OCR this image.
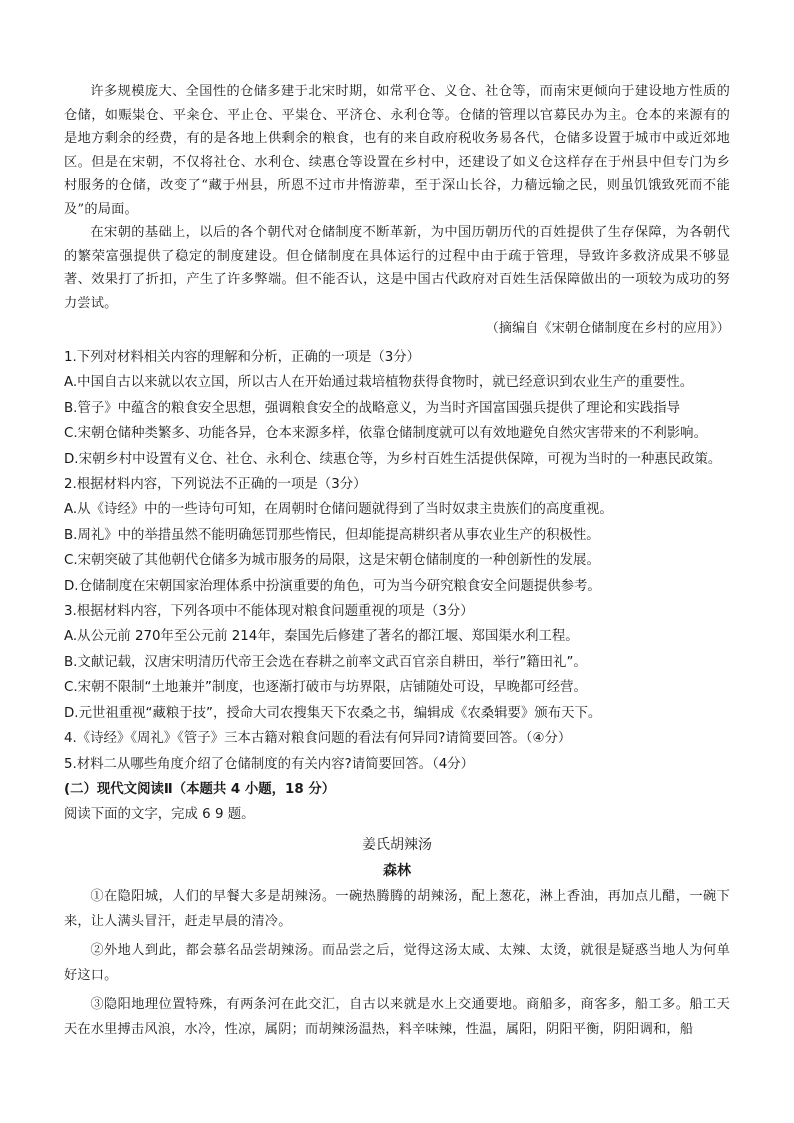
许多规模庞大、全国性的仓储多建于北宋时期，如常平仓、义仓、社仓等，而南宋更倾向于建设地方性质的仓储，如赈粜仓、平籴仓、平止仓、平粜仓、平济仓、永利仓等。仓储的管理以官募民办为主。仓本的来源有的是地方剩余的经费，有的是各地上供剩余的粮食，也有的来自政府税收务易各代，仓储多设置于城市中或近郊地区。但是在宋朝，不仅将社仓、水利仓、续惠仓等设置在乡村中，还建设了如义仓这样存在于州县中但专门为乡村服务的仓储，改变了“藏于州县，所恩不过市井惰游辈，至于深山长谷，力穑远输之民，则虽饥饿致死而不能及”的局面。

在宋朝的基础上，以后的各个朝代对仓储制度不断革新，为中国历朝历代的百姓提供了生存保障，为各朝代的繁荣富强提供了稳定的制度建设。但仓储制度在具体运行的过程中由于疏于管理，导致许多救济成果不够显著、效果打了折扣，产生了许多弊端。但不能否认，这是中国古代政府对百姓生活保障做出的一项较为成功的努力尝试。

（摘编自《宋朝仓储制度在乡村的应用》）
1.下列对材料相关内容的理解和分析，正确的一项是（3分）
A.中国自古以来就以农立国，所以古人在开始通过栽培植物获得食物时，就已经意识到农业生产的重要性。
B.管子》中蕴含的粮食安全思想，强调粮食安全的战略意义，为当时齐国富国强兵提供了理论和实践指导
C.宋朝仓储种类繁多、功能各异，仓本来源多样，依靠仓储制度就可以有效地避免自然灾害带来的不利影响。
D.宋朝乡村中设置有义仓、社仓、永利仓、续惠仓等，为乡村百姓生活提供保障，可视为当时的一种惠民政策。
2.根据材料内容，下列说法不正确的一项是（3分）
A.从《诗经》中的一些诗句可知，在周朝时仓储问题就得到了当时奴隶主贵族们的高度重视。
B.周礼》中的举措虽然不能明确惩罚那些惰民，但却能提高耕织者从事农业生产的积极性。
C.宋朝突破了其他朝代仓储多为城市服务的局限，这是宋朝仓储制度的一种创新性的发展。
D.仓储制度在宋朝国家治理体系中扮演重要的角色，可为当今研究粮食安全问题提供参考。
3.根据材料内容，下列各项中不能体现对粮食问题重视的项是（3分）
A.从公元前 270年至公元前 214年，秦国先后修建了著名的都江堰、郑国渠水利工程。
B.文献记载，汉唐宋明清历代帝王会选在春耕之前率文武百官亲自耕田，举行”籍田礼”。
C.宋朝不限制“土地兼并”制度，也逐渐打破市与坊界限，店铺随处可设，早晚都可经营。
D.元世祖重视“藏粮于技”，授命大司农搜集天下农桑之书，编辑成《农桑辑要》颁布天下。
4.《诗经》《周礼》《管子》三本古籍对粮食问题的看法有何异同?请简要回答。（④分）
5.材料二从哪些角度介绍了仓储制度的有关内容?请简要回答。（4分）
(二）现代文阅读Ⅱ（本题共 4 小题，18 分）
阅读下面的文字，完成 6 9 题。
姜氏胡辣汤
森林

①在隐阳城，人们的早餐大多是胡辣汤。一碗热腾腾的胡辣汤，配上葱花，淋上香油，再加点儿醋，一碗下来，让人满头冒汗，赶走早晨的清冷。

②外地人到此，都会慕名品尝胡辣汤。而品尝之后，觉得这汤太咸、太辣、太烫，就很是疑惑当地人为何单好这口。

③隐阳地理位置特殊，有两条河在此交汇，自古以来就是水上交通要地。商船多，商客多，船工多。船工天天在水里搏击风浪，水冷，性凉，属阴；而胡辣汤温热，料辛味辣，性温，属阳，阴阳平衡，阴阳调和，船
